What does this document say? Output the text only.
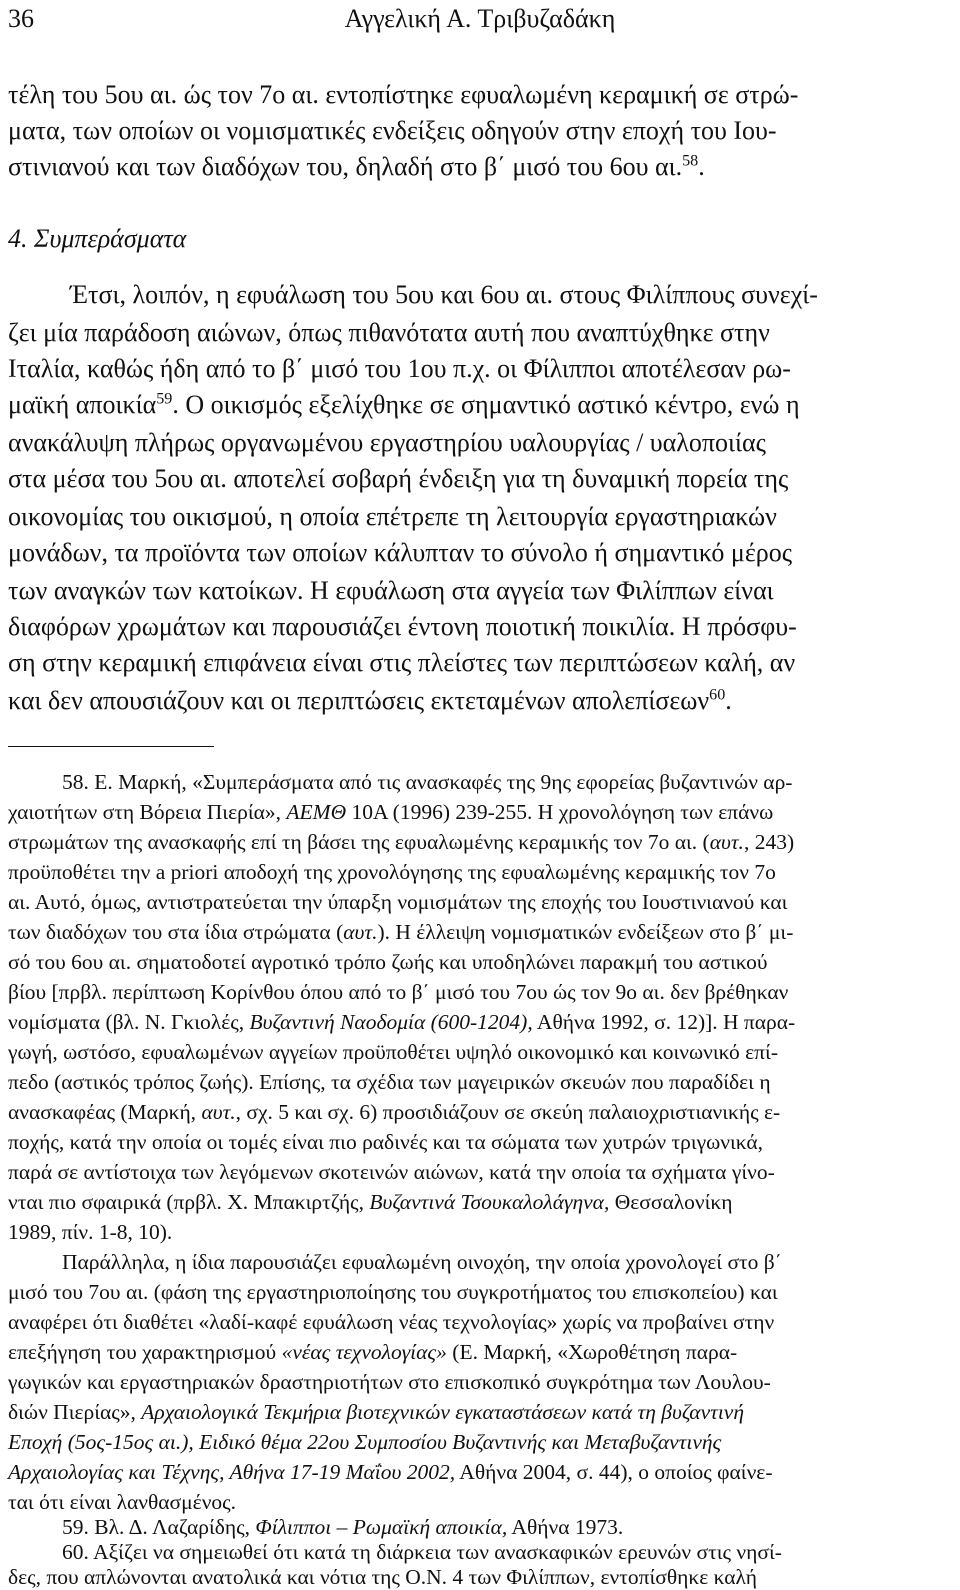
36	Αγγελική Α. Τριβυζαδάκη
τέλη του 5ου αι. ώς τον 7ο αι. εντοπίστηκε εφυαλωμένη κεραμική σε στρώ-
ματα, των οποίων οι νομισματικές ενδείξεις οδηγούν στην εποχή του Ιου-
στινιανού και των διαδόχων του, δηλαδή στο β΄ μισό του 6ου αι.$^{58}$.
4. Συμπεράσματα
Έτσι, λοιπόν, η εφυάλωση του 5ου και 6ου αι. στους Φιλίππους συνεχί-
ζει μία παράδοση αιώνων, όπως πιθανότατα αυτή που αναπτύχθηκε στην
Ιταλία, καθώς ήδη από το β΄ μισό του 1ου π.χ. οι Φίλιπποι αποτέλεσαν ρω-
μαϊκή αποικία$^{59}$. Ο οικισμός εξελίχθηκε σε σημαντικό αστικό κέντρο, ενώ η
ανακάλυψη πλήρως οργανωμένου εργαστηρίου υαλουργίας / υαλοποιίας
στα μέσα του 5ου αι. αποτελεί σοβαρή ένδειξη για τη δυναμική πορεία της
οικονομίας του οικισμού, η οποία επέτρεπε τη λειτουργία εργαστηριακών
μονάδων, τα προϊόντα των οποίων κάλυπταν το σύνολο ή σημαντικό μέρος
των αναγκών των κατοίκων. Η εφυάλωση στα αγγεία των Φιλίππων είναι
διαφόρων χρωμάτων και παρουσιάζει έντονη ποιοτική ποικιλία. Η πρόσφυ-
ση στην κεραμική επιφάνεια είναι στις πλείστες των περιπτώσεων καλή, αν
και δεν απουσιάζουν και οι περιπτώσεις εκτεταμένων απολεπίσεων$^{60}$.
58. Ε. Μαρκή, «Συμπεράσματα από τις ανασκαφές της 9ης εφορείας βυζαντινών αρ-
χαιοτήτων στη Βόρεια Πιερία», ΑΕΜΘ 10Α (1996) 239-255. Η χρονολόγηση των επάνω
στρωμάτων της ανασκαφής επί τη βάσει της εφυαλωμένης κεραμικής τον 7ο αι. (αυτ., 243)
προϋποθέτει την a priori αποδοχή της χρονολόγησης της εφυαλωμένης κεραμικής τον 7ο
αι. Αυτό, όμως, αντιστρατεύεται την ύπαρξη νομισμάτων της εποχής του Ιουστινιανού και
των διαδόχων του στα ίδια στρώματα (αυτ.). Η έλλειψη νομισματικών ενδείξεων στο β΄ μι-
σό του 6ου αι. σηματοδοτεί αγροτικό τρόπο ζωής και υποδηλώνει παρακμή του αστικού
βίου [πρβλ. περίπτωση Κορίνθου όπου από το β΄ μισό του 7ου ώς τον 9ο αι. δεν βρέθηκαν
νομίσματα (βλ. Ν. Γκιολές, Βυζαντινή Ναοδομία (600-1204), Αθήνα 1992, σ. 12)]. Η παρα-
γωγή, ωστόσο, εφυαλωμένων αγγείων προϋποθέτει υψηλό οικονομικό και κοινωνικό επί-
πεδο (αστικός τρόπος ζωής). Επίσης, τα σχέδια των μαγειρικών σκευών που παραδίδει η
ανασκαφέας (Μαρκή, αυτ., σχ. 5 και σχ. 6) προσιδιάζουν σε σκεύη παλαιοχριστιανικής ε-
ποχής, κατά την οποία οι τομές είναι πιο ραδινές και τα σώματα των χυτρών τριγωνικά,
παρά σε αντίστοιχα των λεγόμενων σκοτεινών αιώνων, κατά την οποία τα σχήματα γίνο-
νται πιο σφαιρικά (πρβλ. Χ. Μπακιρτζής, Βυζαντινά Τσουκαλολάγηνα, Θεσσαλονίκη
1989, πίν. 1-8, 10).
Παράλληλα, η ίδια παρουσιάζει εφυαλωμένη οινοχόη, την οποία χρονολογεί στο β΄
μισό του 7ου αι. (φάση της εργαστηριοποίησης του συγκροτήματος του επισκοπείου) και
αναφέρει ότι διαθέτει «λαδί-καφέ εφυάλωση νέας τεχνολογίας» χωρίς να προβαίνει στην
επεξήγηση του χαρακτηρισμού «νέας τεχνολογίας» (Ε. Μαρκή, «Χωροθέτηση παρα-
γωγικών και εργαστηριακών δραστηριοτήτων στο επισκοπικό συγκρότημα των Λουλου-
διών Πιερίας», Αρχαιολογικά Τεκμήρια βιοτεχνικών εγκαταστάσεων κατά τη βυζαντινή
Εποχή (5ος-15ος αι.), Ειδικό θέμα 22ου Συμποσίου Βυζαντινής και Μεταβυζαντινής
Αρχαιολογίας και Τέχνης, Αθήνα 17-19 Μαΐου 2002, Αθήνα 2004, σ. 44), ο οποίος φαίνε-
ται ότι είναι λανθασμένος.
59. Βλ. Δ. Λαζαρίδης, Φίλιπποι – Ρωμαϊκή αποικία, Αθήνα 1973.
60. Αξίζει να σημειωθεί ότι κατά τη διάρκεια των ανασκαφικών ερευνών στις νησί-
δες, που απλώνονται ανατολικά και νότια της Ο.Ν. 4 των Φιλίππων, εντοπίσθηκε καλή
